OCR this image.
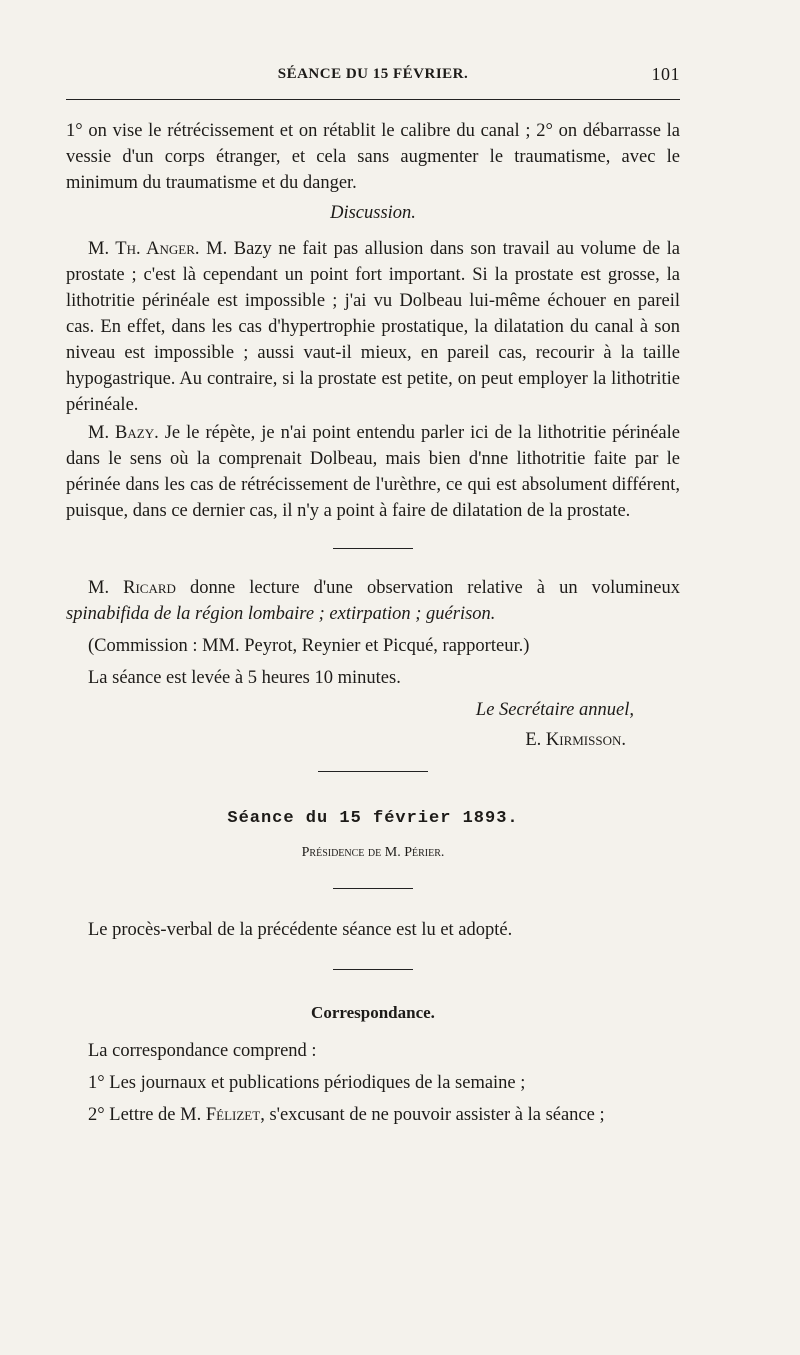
SÉANCE DU 15 FÉVRIER.	101

1° on vise le rétrécissement et on rétablit le calibre du canal ; 2° on débarrasse la vessie d'un corps étranger, et cela sans augmenter le traumatisme, avec le minimum du traumatisme et du danger.

Discussion.

M. Th. Anger. M. Bazy ne fait pas allusion dans son travail au volume de la prostate ; c'est là cependant un point fort important. Si la prostate est grosse, la lithotritie périnéale est impossible ; j'ai vu Dolbeau lui-même échouer en pareil cas. En effet, dans les cas d'hypertrophie prostatique, la dilatation du canal à son niveau est impossible ; aussi vaut-il mieux, en pareil cas, recourir à la taille hypogastrique. Au contraire, si la prostate est petite, on peut employer la lithotritie périnéale.

M. Bazy. Je le répète, je n'ai point entendu parler ici de la lithotritie périnéale dans le sens où la comprenait Dolbeau, mais bien d'nne lithotritie faite par le périnée dans les cas de rétrécissement de l'urèthre, ce qui est absolument différent, puisque, dans ce dernier cas, il n'y a point à faire de dilatation de la prostate.

M. Ricard donne lecture d'une observation relative à un volumineux spinabifida de la région lombaire ; extirpation ; guérison.

(Commission : MM. Peyrot, Reynier et Picqué, rapporteur.)

La séance est levée à 5 heures 10 minutes.

Le Secrétaire annuel,

E. Kirmisson.

Séance du 15 février 1893.

Présidence de M. Périer.

Le procès-verbal de la précédente séance est lu et adopté.

Correspondance.

La correspondance comprend :

1° Les journaux et publications périodiques de la semaine ;

2° Lettre de M. Félizet, s'excusant de ne pouvoir assister à la séance ;
